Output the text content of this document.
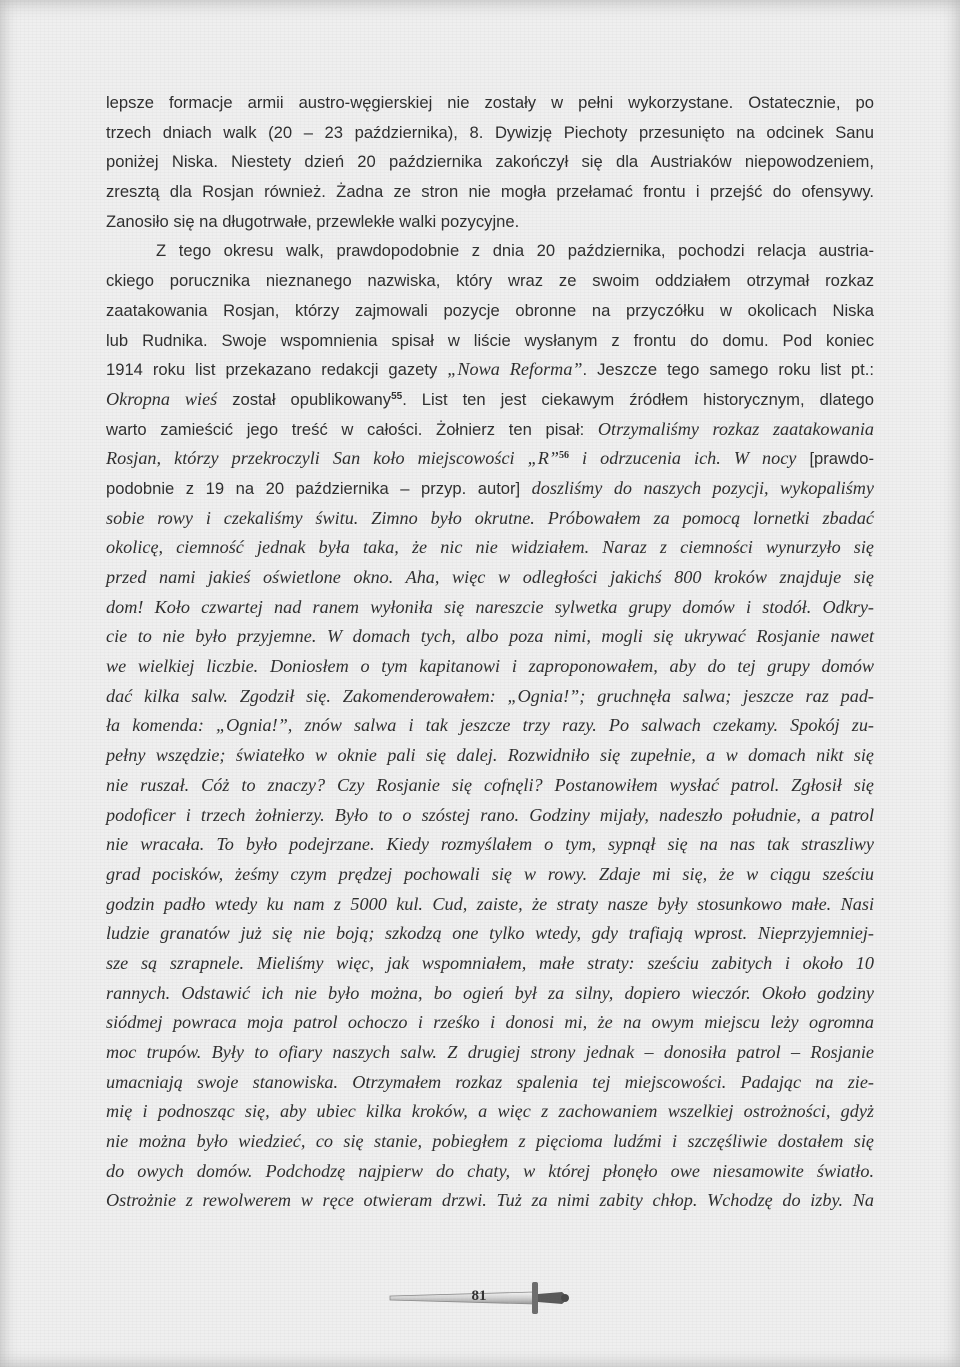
lepsze formacje armii austro-węgierskiej nie zostały w pełni wykorzystane. Ostatecznie, po
trzech dniach walk (20 – 23 października), 8. Dywizję Piechoty przesunięto na odcinek Sanu
poniżej Niska. Niestety dzień 20 października zakończył się dla Austriaków niepowodzeniem,
zresztą dla Rosjan również. Żadna ze stron nie mogła przełamać frontu i przejść do ofensywy.
Zanosiło się na długotrwałe, przewlekłe walki pozycyjne.

Z tego okresu walk, prawdopodobnie z dnia 20 października, pochodzi relacja austria-
ckiego porucznika nieznanego nazwiska, który wraz ze swoim oddziałem otrzymał rozkaz
zaatakowania Rosjan, którzy zajmowali pozycje obronne na przyczółku w okolicach Niska
lub Rudnika. Swoje wspomnienia spisał w liście wysłanym z frontu do domu. Pod koniec
1914 roku list przekazano redakcji gazety „Nowa Reforma”. Jeszcze tego samego roku list pt.:
Okropna wieś został opublikowany$^{55}$. List ten jest ciekawym źródłem historycznym, dlatego
warto zamieścić jego treść w całości. Żołnierz ten pisał: Otrzymaliśmy rozkaz zaatakowania
Rosjan, którzy przekroczyli San koło miejscowości „R”$^{56}$ i odrzucenia ich. W nocy [prawdo-
podobnie z 19 na 20 października – przyp. autor] doszliśmy do naszych pozycji, wykopaliśmy
sobie rowy i czekaliśmy świtu. Zimno było okrutne. Próbowałem za pomocą lornetki zbadać
okolicę, ciemność jednak była taka, że nic nie widziałem. Naraz z ciemności wynurzyło się
przed nami jakieś oświetlone okno. Aha, więc w odległości jakichś 800 kroków znajduje się
dom! Koło czwartej nad ranem wyłoniła się nareszcie sylwetka grupy domów i stodół. Odkry-
cie to nie było przyjemne. W domach tych, albo poza nimi, mogli się ukrywać Rosjanie nawet
we wielkiej liczbie. Doniosłem o tym kapitanowi i zaproponowałem, aby do tej grupy domów
dać kilka salw. Zgodził się. Zakomenderowałem: „Ognia!”; gruchnęła salwa; jeszcze raz pad-
ła komenda: „Ognia!”, znów salwa i tak jeszcze trzy razy. Po salwach czekamy. Spokój zu-
pełny wszędzie; światełko w oknie pali się dalej. Rozwidniło się zupełnie, a w domach nikt się
nie ruszał. Cóż to znaczy? Czy Rosjanie się cofnęli? Postanowiłem wysłać patrol. Zgłosił się
podoficer i trzech żołnierzy. Było to o szóstej rano. Godziny mijały, nadeszło południe, a patrol
nie wracała. To było podejrzane. Kiedy rozmyślałem o tym, sypnął się na nas tak straszliwy
grad pocisków, żeśmy czym prędzej pochowali się w rowy. Zdaje mi się, że w ciągu sześciu
godzin padło wtedy ku nam z 5000 kul. Cud, zaiste, że straty nasze były stosunkowo małe. Nasi
ludzie granatów już się nie boją; szkodzą one tylko wtedy, gdy trafiają wprost. Nieprzyjemniej-
sze są szrapnele. Mieliśmy więc, jak wspomniałem, małe straty: sześciu zabitych i około 10
rannych. Odstawić ich nie było można, bo ogień był za silny, dopiero wieczór. Około godziny
siódmej powraca moja patrol ochoczo i rześko i donosi mi, że na owym miejscu leży ogromna
moc trupów. Były to ofiary naszych salw. Z drugiej strony jednak – donosiła patrol – Rosjanie
umacniają swoje stanowiska. Otrzymałem rozkaz spalenia tej miejscowości. Padając na zie-
mię i podnosząc się, aby ubiec kilka kroków, a więc z zachowaniem wszelkiej ostrożności, gdyż
nie można było wiedzieć, co się stanie, pobiegłem z pięcioma ludźmi i szczęśliwie dostałem się
do owych domów. Podchodzę najpierw do chaty, w której płonęło owe niesamowite światło.
Ostrożnie z rewolwerem w ręce otwieram drzwi. Tuż za nimi zabity chłop. Wchodzę do izby. Na

81
